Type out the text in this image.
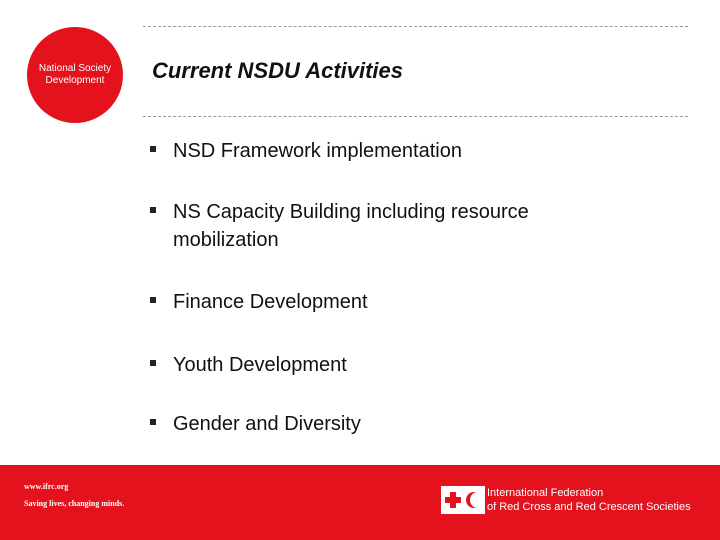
National Society
Development	Current NSDU Activities
NSD Framework implementation
NS Capacity Building including resource mobilization
Finance Development
Youth Development
Gender and Diversity
www.ifrc.org
Saving lives, changing minds.
International Federation
of Red Cross and Red Crescent Societies
